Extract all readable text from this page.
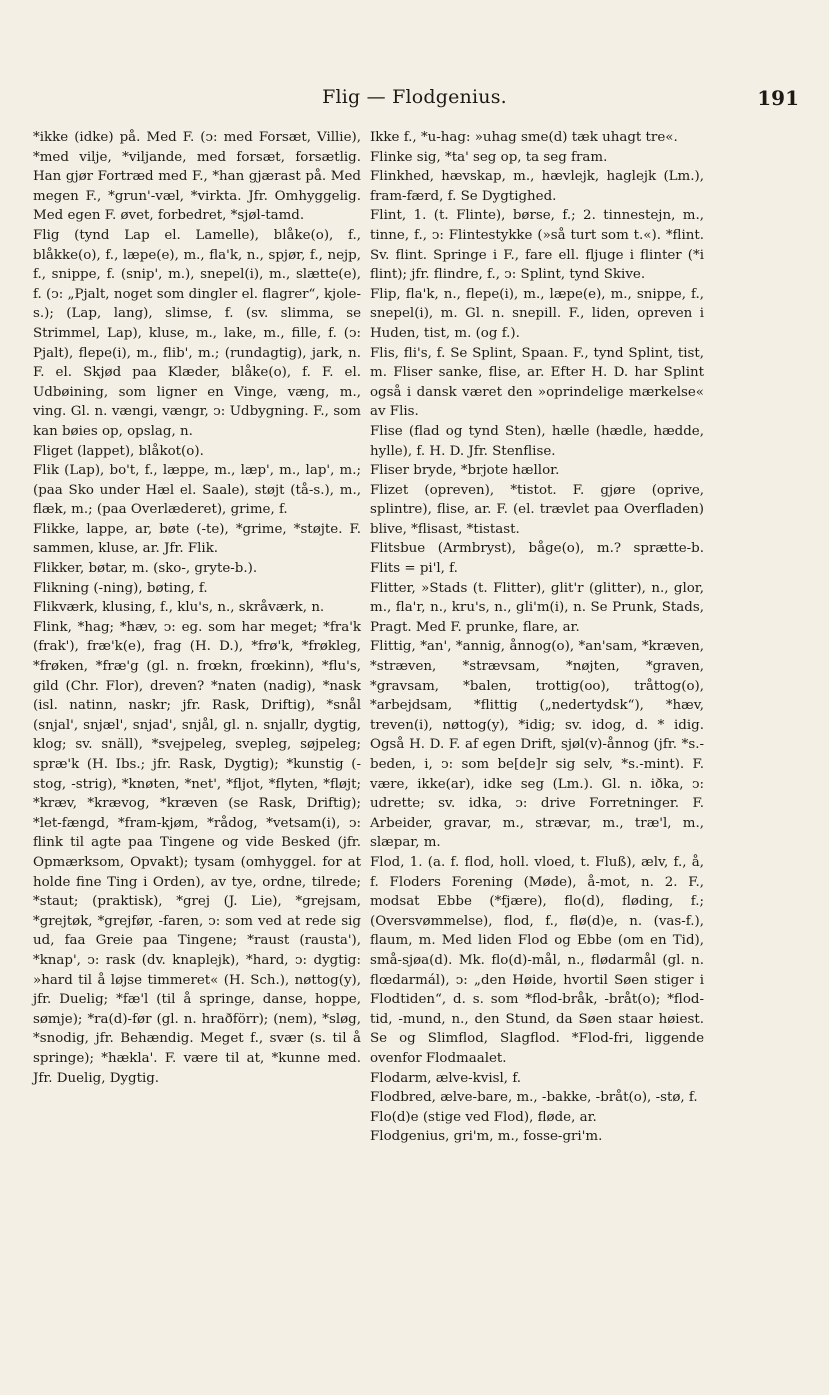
Flig — Flodgenius.	191

*ikke (idke) på. Med F. (ↄ: med Forsæt, Villie), *med vilje, *viljande, med forsæt, forsætlig. Han gjør Fortræd med F., *han gjærast på. Med megen F., *grun'-væl, *virkta. Jfr. Omhyggelig. Med egen F. øvet, forbedret, *sjøl-tamd.

Flig (tynd Lap el. Lamelle), blåke(o), f., blåkke(o), f., læpe(e), m., fla'k, n., spjør, f., nejp, f., snippe, f. (snip', m.), snepel(i), m., slætte(e), f. (ↄ: „Pjalt, noget som dingler el. flagrer“, kjole-s.); (Lap, lang), slimse, f. (sv. slimma, se Strimmel, Lap), kluse, m., lake, m., fille, f. (ↄ: Pjalt), flepe(i), m., flib', m.; (rundagtig), jark, n. F. el. Skjød paa Klæder, blåke(o), f. F. el. Udbøining, som ligner en Vinge, væng, m., ving. Gl. n. vængi, vængr, ↄ: Udbygning. F., som kan bøies op, opslag, n.

Fliget (lappet), blåkot(o).

Flik (Lap), bo't, f., læppe, m., læp', m., lap', m.; (paa Sko under Hæl el. Saale), støjt (tå-s.), m., flæk, m.; (paa Overlæderet), grime, f.

Flikke, lappe, ar, bøte (-te), *grime, *støjte. F. sammen, kluse, ar. Jfr. Flik.

Flikker, bøtar, m. (sko-, gryte-b.).

Flikning (-ning), bøting, f.

Flikværk, klusing, f., klu's, n., skråværk, n.

Flink, *hag; *hæv, ↄ: eg. som har meget; *fra'k (frak'), fræ'k(e), frag (H. D.), *frø'k, *frøkleg, *frøken, *fræ'g (gl. n. frœkn, frœkinn), *flu's, gild (Chr. Flor), dreven? *naten (nadig), *nask (isl. natinn, naskr; jfr. Rask, Driftig), *snål (snjal', snjæl', snjad', snjål, gl. n. snjallr, dygtig, klog; sv. snäll), *svejpeleg, svepleg, søjpeleg; spræ'k (H. Ibs.; jfr. Rask, Dygtig); *kunstig (-stog, -strig), *knøten, *net', *fljot, *flyten, *fløjt; *kræv, *krævog, *kræven (se Rask, Driftig); *let-fængd, *fram-kjøm, *rådog, *vetsam(i), ↄ: flink til agte paa Tingene og vide Besked (jfr. Opmærksom, Opvakt); tysam (omhyggel. for at holde fine Ting i Orden), av tye, ordne, tilrede; *staut; (praktisk), *grej (J. Lie), *grejsam, *grejtøk, *grejfør, -faren, ↄ: som ved at rede sig ud, faa Greie paa Tingene; *raust (rausta'), *knap', ↄ: rask (dv. knaplejk), *hard, ↄ: dygtig: »hard til å løjse timmeret« (H. Sch.), nøttog(y), jfr. Duelig; *fæ'l (til å springe, danse, hoppe, sømje); *ra(d)-før (gl. n. hraðförr); (nem), *sløg, *snodig, jfr. Behændig. Meget f., svær (s. til å springe); *hækla'. F. være til at, *kunne med. Jfr. Duelig, Dygtig.

Ikke f., *u-hag: »uhag sme(d) tæk uhagt tre«.

Flinke sig, *ta' seg op, ta seg fram.

Flinkhed, hævskap, m., hævlejk, haglejk (Lm.), fram-færd, f. Se Dygtighed.

Flint, 1. (t. Flinte), børse, f.; 2. tinnestejn, m., tinne, f., ↄ: Flintestykke (»så turt som t.«). *flint. Sv. flint. Springe i F., fare ell. fljuge i flinter (*i flint); jfr. flindre, f., ↄ: Splint, tynd Skive.

Flip, fla'k, n., flepe(i), m., læpe(e), m., snippe, f., snepel(i), m. Gl. n. snepill. F., liden, opreven i Huden, tist, m. (og f.).

Flis, fli's, f. Se Splint, Spaan. F., tynd Splint, tist, m. Fliser sanke, flise, ar. Efter H. D. har Splint også i dansk været den »oprindelige mærkelse« av Flis.

Flise (flad og tynd Sten), hælle (hædle, hædde, hylle), f. H. D. Jfr. Stenflise.

Fliser bryde, *brjote hællor.

Flizet (opreven), *tistot. F. gjøre (oprive, splintre), flise, ar. F. (el. trævlet paa Overfladen) blive, *flisast, *tistast.

Flitsbue (Armbryst), båge(o), m.? sprætte-b. Flits = pi'l, f.

Flitter, »Stads (t. Flitter), glit'r (glitter), n., glor, m., fla'r, n., kru's, n., gli'm(i), n. Se Prunk, Stads, Pragt. Med F. prunke, flare, ar.

Flittig, *an', *annig, ånnog(o), *an'sam, *kræven, *stræven, *strævsam, *nøjten, *graven, *gravsam, *balen, trottig(oo), tråttog(o), *arbejdsam, *flittig („nedertydsk“), *hæv, treven(i), nøttog(y), *idig; sv. idog, d. * idig. Også H. D. F. af egen Drift, sjøl(v)-ånnog (jfr. *s.-beden, i, ↄ: som be[de]r sig selv, *s.-mint). F. være, ikke(ar), idke seg (Lm.). Gl. n. iðka, ↄ: udrette; sv. idka, ↄ: drive Forretninger. F. Arbeider, gravar, m., strævar, m., træ'l, m., slæpar, m.

Flod, 1. (a. f. flod, holl. vloed, t. Fluß), ælv, f., å, f. Floders Forening (Møde), å-mot, n. 2. F., modsat Ebbe (*fjære), flo(d), fløding, f.; (Oversvømmelse), flod, f., flø(d)e, n. (vas-f.), flaum, m. Med liden Flod og Ebbe (om en Tid), små-sjøa(d). Mk. flo(d)-mål, n., flødarmål (gl. n. flœdarmál), ↄ: „den Høide, hvortil Søen stiger i Flodtiden“, d. s. som *flod-bråk, -bråt(o); *flod-tid, -mund, n., den Stund, da Søen staar høiest. Se og Slimflod, Slagflod. *Flod-fri, liggende ovenfor Flodmaalet.

Flodarm, ælve-kvisl, f.

Flodbred, ælve-bare, m., -bakke, -bråt(o), -stø, f.

Flo(d)e (stige ved Flod), fløde, ar.

Flodgenius, gri'm, m., fosse-gri'm.
